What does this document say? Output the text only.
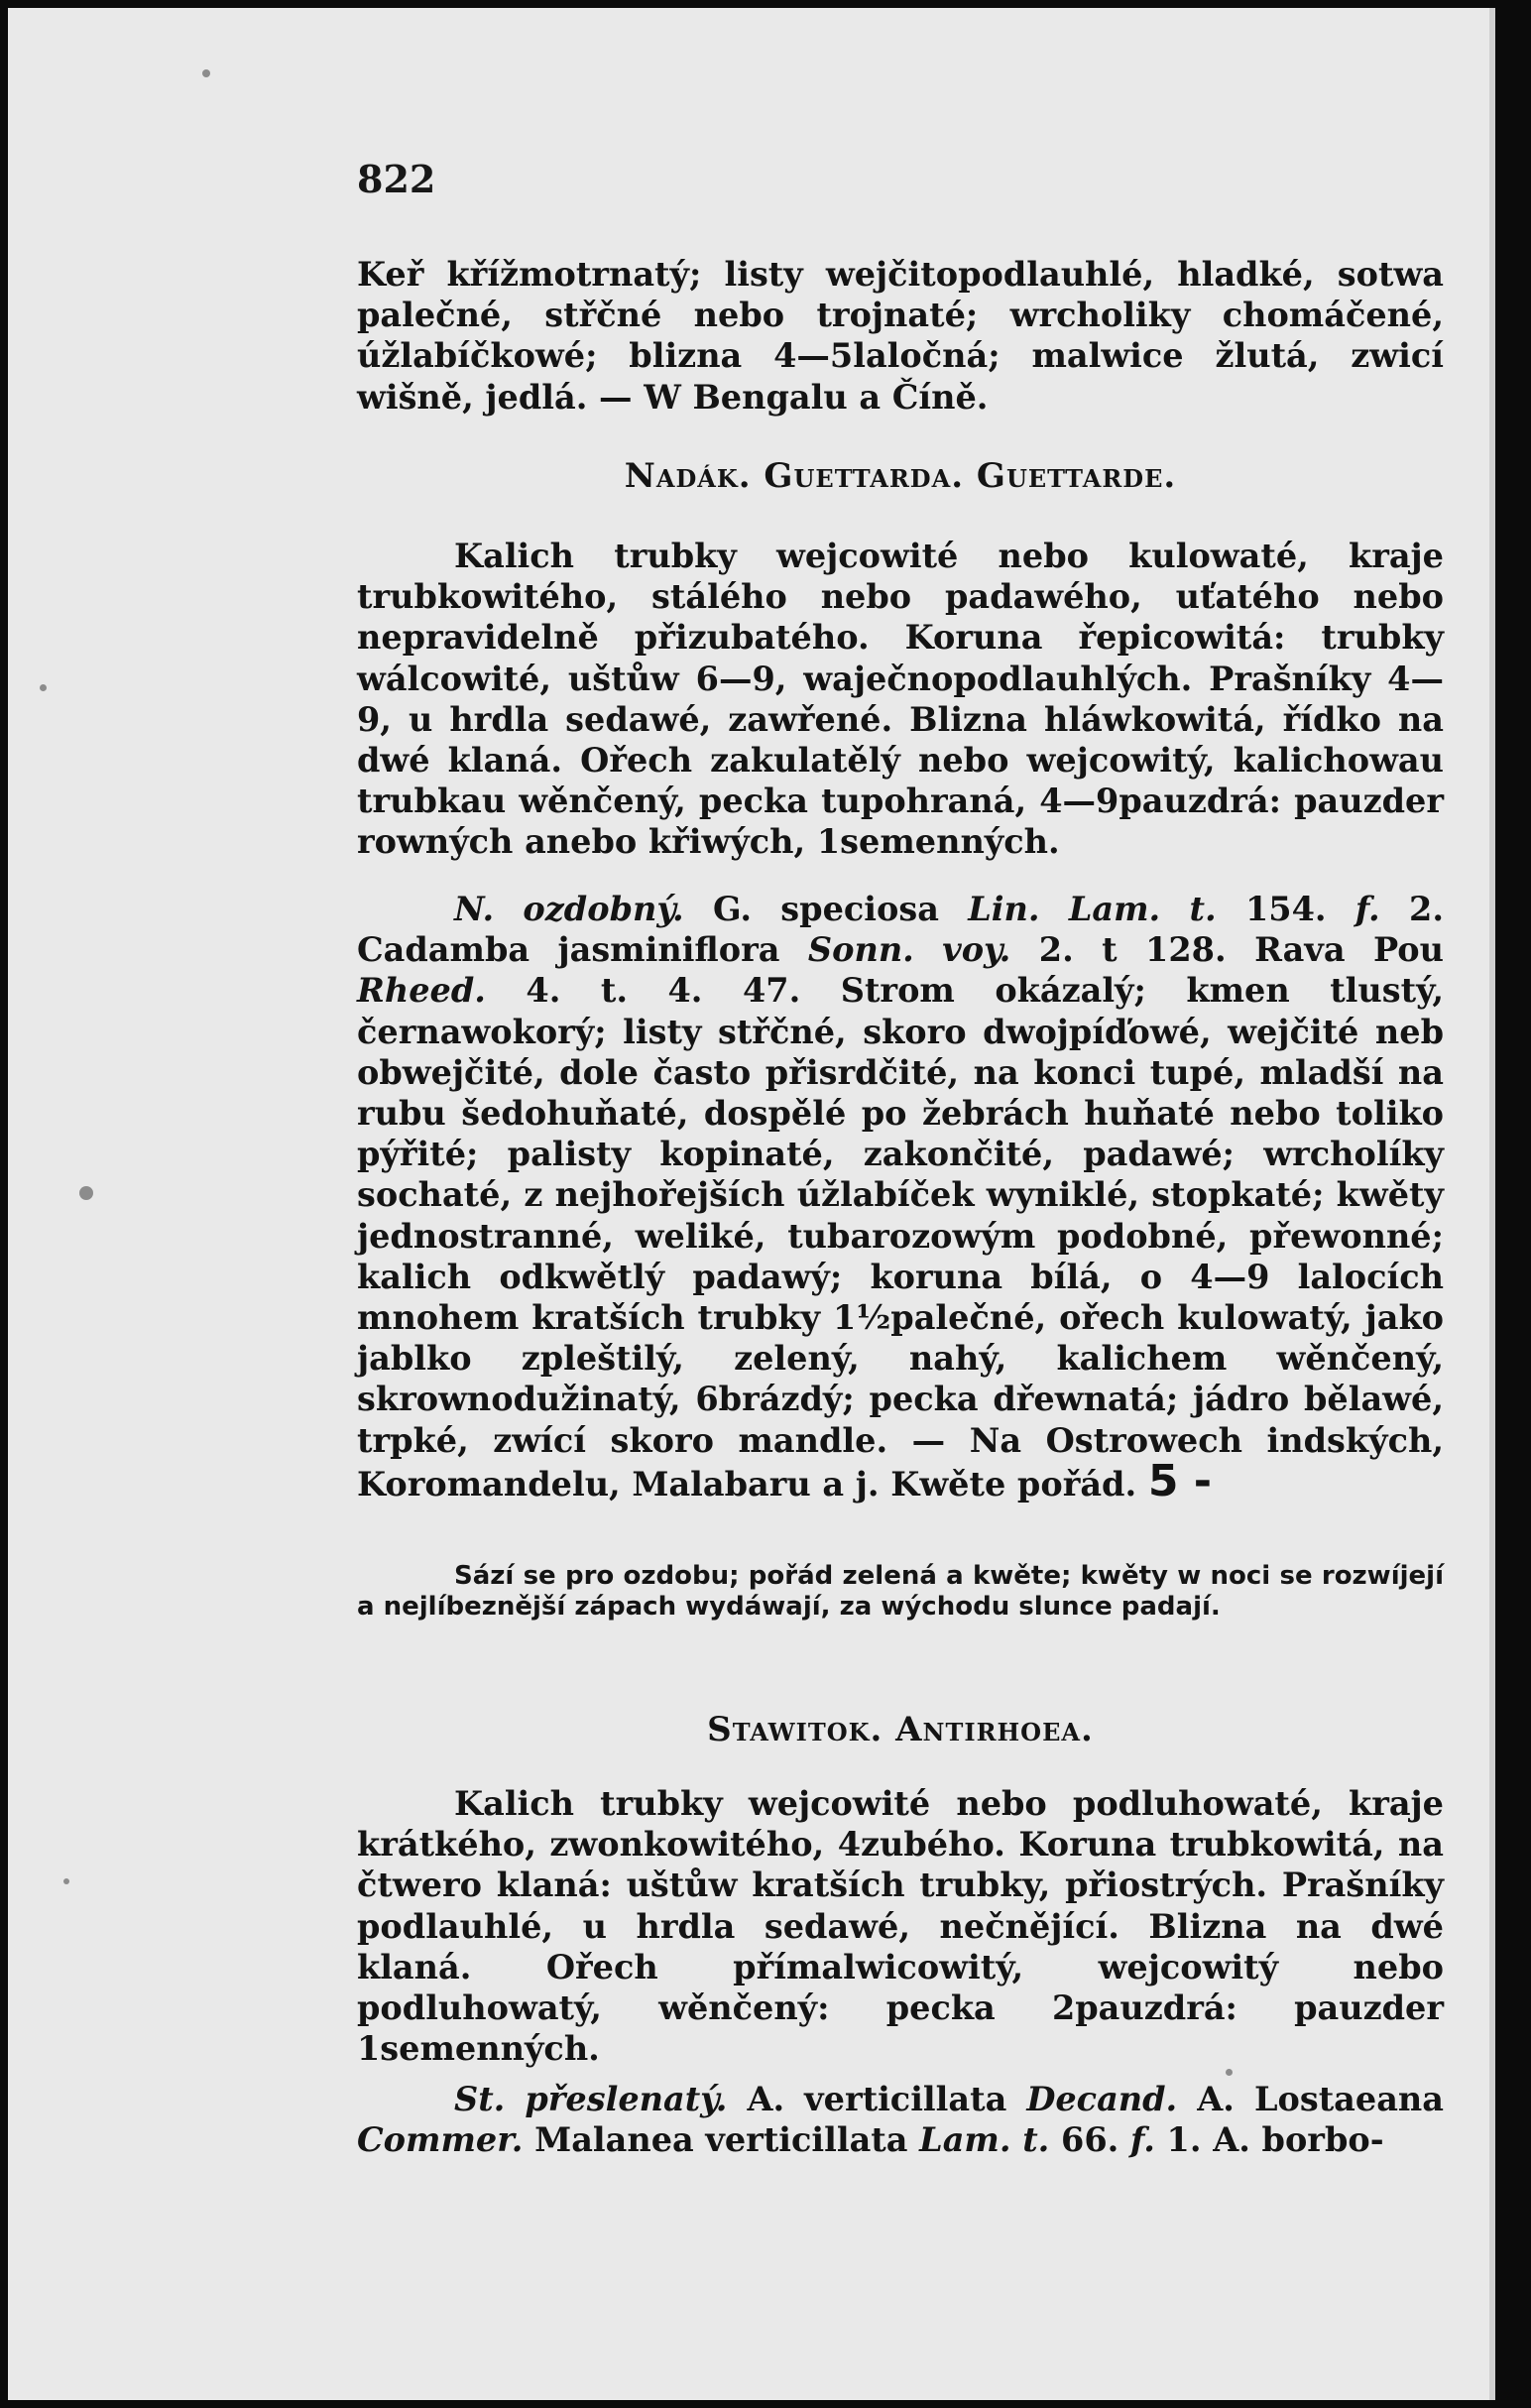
822

Keř křížmotrnatý; listy wejčitopodlauhlé, hladké, sotwa palečné, střčné nebo trojnaté; wrcholiky chomáčené, úžlabíčkowé; blizna 4—5laločná; malwice žlutá, zwicí wišně, jedlá. — W Bengalu a Číně.

Nadák. Guettarda. Guettarde.

Kalich trubky wejcowité nebo kulowaté, kraje trubkowitého, stálého nebo padawého, uťatého nebo nepravidelně přizubatého. Koruna řepicowitá: trubky wálcowité, uštůw 6—9, waječnopodlauhlých. Prašníky 4—9, u hrdla sedawé, zawřené. Blizna hláwkowitá, řídko na dwé klaná. Ořech zakulatělý nebo wejcowitý, kalichowau trubkau wěnčený, pecka tupohraná, 4—9pauzdrá: pauzder rowných anebo křiwých, 1semenných.

N. ozdobný. G. speciosa Lin. Lam. t. 154. f. 2. Cadamba jasminiflora Sonn. voy. 2. t 128. Rava Pou Rheed. 4. t. 4. 47. Strom okázalý; kmen tlustý, černawokorý; listy střčné, skoro dwojpíďowé, wejčité neb obwejčité, dole často přisrdčité, na konci tupé, mladší na rubu šedohuňaté, dospělé po žebrách huňaté nebo toliko pýřité; palisty kopinaté, zakončité, padawé; wrcholíky sochaté, z nejhořejších úžlabíček wyniklé, stopkaté; kwěty jednostranné, weliké, tubarozowým podobné, přewonné; kalich odkwětlý padawý; koruna bílá, o 4—9 lalocích mnohem kratších trubky 1½palečné, ořech kulowatý, jako jablko zpleštilý, zelený, nahý, kalichem wěnčený, skrownodužinatý, 6brázdý; pecka dřewnatá; jádro bělawé, trpké, zwící skoro mandle. — Na Ostrowech indských, Koromandelu, Malabaru a j. Kwěte pořád. 5 -

Sází se pro ozdobu; pořád zelená a kwěte; kwěty w noci se rozwíjejí a nejlíbeznější zápach wydáwají, za wýchodu slunce padají.

Stawitok. Antirhoea.

Kalich trubky wejcowité nebo podluhowaté, kraje krátkého, zwonkowitého, 4zubého. Koruna trubkowitá, na čtwero klaná: uštůw kratších trubky, přiostrých. Prašníky podlauhlé, u hrdla sedawé, nečnějící. Blizna na dwé klaná. Ořech přímalwicowitý, wejcowitý nebo podluhowatý, wěnčený: pecka 2pauzdrá: pauzder 1semenných.

St. přeslenatý. A. verticillata Decand. A. Lostaeana Commer. Malanea verticillata Lam. t. 66. f. 1. A. borbo-
